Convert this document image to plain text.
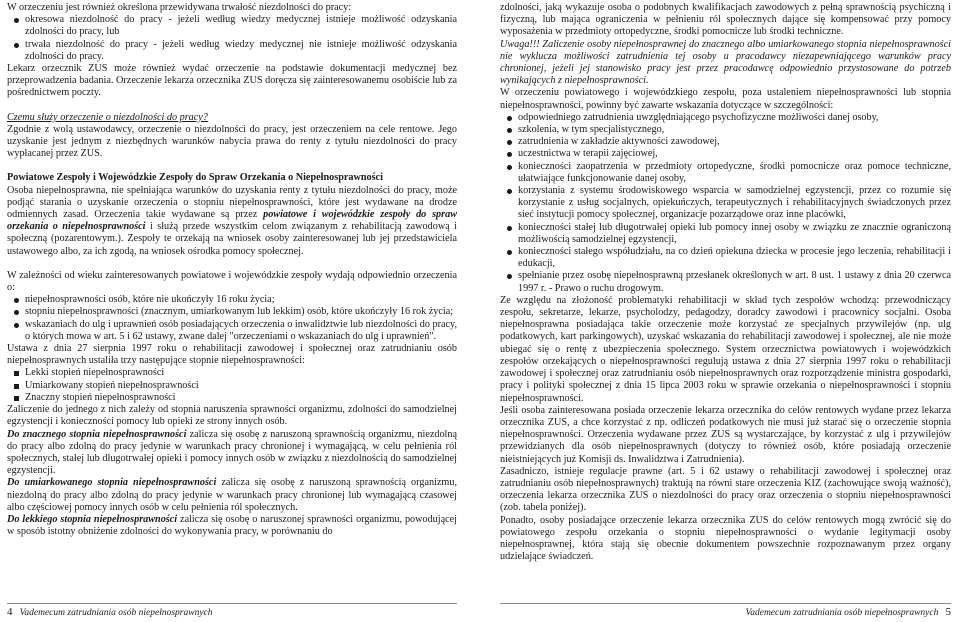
W orzeczeniu jest również określona przewidywana trwałość niezdolności do pracy:

okresowa niezdolność do pracy - jeżeli według wiedzy medycznej istnieje możliwość odzyskania zdolności do pracy, lub
trwała niezdolność do pracy - jeżeli według wiedzy medycznej nie istnieje możliwość odzyskania zdolności do pracy.

Lekarz orzecznik ZUS może również wydać orzeczenie na podstawie dokumentacji medycznej bez przeprowadzenia badania. Orzeczenie lekarza orzecznika ZUS doręcza się zainteresowanemu osobiście lub za pośrednictwem poczty.

Czemu służy orzeczenie o niezdolności do pracy?

Zgodnie z wolą ustawodawcy, orzeczenie o niezdolności do pracy, jest orzeczeniem na cele rentowe. Jego uzyskanie jest jednym z niezbędnych warunków nabycia prawa do renty z tytułu niezdolności do pracy wypłacanej przez ZUS.

Powiatowe Zespoły i Wojewódzkie Zespoły do Spraw Orzekania o Niepełnosprawności

Osoba niepełnosprawna, nie spełniająca warunków do uzyskania renty z tytułu niezdolności do pracy, może podjąć starania o uzyskanie orzeczenia o stopniu niepełnosprawności, które jest wydawane na drodze odmiennych zasad. Orzeczenia takie wydawane są przez powiatowe i wojewódzkie zespoły do spraw orzekania o niepełnosprawności i służą przede wszystkim celom związanym z rehabilitacją zawodową i społeczną (pozarentowym.). Zespoły te orzekają na wniosek osoby zainteresowanej lub jej przedstawiciela ustawowego albo, za ich zgodą, na wniosek ośrodka pomocy społecznej.

W zależności od wieku zainteresowanych powiatowe i wojewódzkie zespoły wydają odpowiednio orzeczenia o:

niepełnosprawności osób, które nie ukończyły 16 roku życia;
stopniu niepełnosprawności (znacznym, umiarkowanym lub lekkim) osób, które ukończyły 16 rok życia;
wskazaniach do ulg i uprawnień osób posiadających orzeczenia o inwalidztwie lub niezdolności do pracy, o których mowa w art. 5 i 62 ustawy, zwane dalej "orzeczeniami o wskazaniach do ulg i uprawnień".

Ustawa z dnia 27 sierpnia 1997 roku o rehabilitacji zawodowej i społecznej oraz zatrudnianiu osób niepełnosprawnych ustaliła trzy następujące stopnie niepełnosprawności:

Lekki stopień niepełnosprawności
Umiarkowany stopień niepełnosprawności
Znaczny stopień niepełnosprawności

Zaliczenie do jednego z nich zależy od stopnia naruszenia sprawności organizmu, zdolności do samodzielnej egzystencji i konieczności pomocy lub opieki ze strony innych osób.

Do znacznego stopnia niepełnosprawności zalicza się osobę z naruszoną sprawnością organizmu, niezdolną do pracy albo zdolną do pracy jedynie w warunkach pracy chronionej i wymagającą, w celu pełnienia ról społecznych, stałej lub długotrwałej opieki i pomocy innych osób w związku z niezdolnością do samodzielnej egzystencji.

Do umiarkowanego stopnia niepełnosprawności zalicza się osobę z naruszoną sprawnością organizmu, niezdolną do pracy albo zdolną do pracy jedynie w warunkach pracy chronionej lub wymagającą czasowej albo częściowej pomocy innych osób w celu pełnienia ról społecznych.

Do lekkiego stopnia niepełnosprawności zalicza się osobę o naruszonej sprawności organizmu, powodującej w sposób istotny obniżenie zdolności do wykonywania pracy, w porównaniu do

zdolności, jaką wykazuje osoba o podobnych kwalifikacjach zawodowych z pełną sprawnością psychiczną i fizyczną, lub mająca ograniczenia w pełnieniu ról społecznych dające się kompensować przy pomocy wyposażenia w przedmioty ortopedyczne, środki pomocnicze lub środki techniczne.

Uwaga!!! Zaliczenie osoby niepełnosprawnej do znacznego albo umiarkowanego stopnia niepełnosprawności nie wyklucza możliwości zatrudnienia tej osoby u pracodawcy niezapewniającego warunków pracy chronionej, jeżeli jej stanowisko pracy jest przez pracodawcę odpowiednio przystosowane do potrzeb wynikających z niepełnosprawności.

W orzeczeniu powiatowego i wojewódzkiego zespołu, poza ustaleniem niepełnosprawności lub stopnia niepełnosprawności, powinny być zawarte wskazania dotyczące w szczególności:

odpowiedniego zatrudnienia uwzględniającego psychofizyczne możliwości danej osoby,
szkolenia, w tym specjalistycznego,
zatrudnienia w zakładzie aktywności zawodowej,
uczestnictwa w terapii zajęciowej,
konieczności zaopatrzenia w przedmioty ortopedyczne, środki pomocnicze oraz pomoce techniczne, ułatwiające funkcjonowanie danej osoby,
korzystania z systemu środowiskowego wsparcia w samodzielnej egzystencji, przez co rozumie się korzystanie z usług socjalnych, opiekuńczych, terapeutycznych i rehabilitacyjnych świadczonych przez sieć instytucji pomocy społecznej, organizacje pozarządowe oraz inne placówki,
konieczności stałej lub długotrwałej opieki lub pomocy innej osoby w związku ze znacznie ograniczoną możliwością samodzielnej egzystencji,
konieczności stałego współudziału, na co dzień opiekuna dziecka w procesie jego leczenia, rehabilitacji i edukacji,
spełnianie przez osobę niepełnosprawną przesłanek określonych w art. 8 ust. 1 ustawy z dnia 20 czerwca 1997 r. - Prawo o ruchu drogowym.

Ze względu na złożoność problematyki rehabilitacji w skład tych zespołów wchodzą: przewodniczący zespołu, sekretarze, lekarze, psycholodzy, pedagodzy, doradcy zawodowi i pracownicy socjalni. Osoba niepełnosprawna posiadająca takie orzeczenie może korzystać ze specjalnych przywilejów (np. ulg podatkowych, kart parkingowych), uzyskać wskazania do rehabilitacji zawodowej i społecznej, ale nie może ubiegać się o rentę z ubezpieczenia społecznego. System orzecznictwa powiatowych i wojewódzkich zespołów orzekających o niepełnosprawności regulują ustawa z dnia 27 sierpnia 1997 roku o rehabilitacji zawodowej i społecznej oraz zatrudnianiu osób niepełnosprawnych oraz rozporządzenie ministra gospodarki, pracy i polityki społecznej z dnia 15 lipca 2003 roku w sprawie orzekania o niepełnosprawności i stopniu niepełnosprawności.

Jeśli osoba zainteresowana posiada orzeczenie lekarza orzecznika do celów rentowych wydane przez lekarza orzecznika ZUS, a chce korzystać z np. odliczeń podatkowych nie musi już starać się o orzeczenie stopnia niepełnosprawności. Orzeczenia wydawane przez ZUS są wystarczające, by korzystać z ulg i przywilejów przewidzianych dla osób niepełnosprawnych (dotyczy to również osób, które posiadają orzeczenie nieistniejących już Komisji ds. Inwalidztwa i Zatrudnienia).

Zasadniczo, istnieje regulacje prawne (art. 5 i 62 ustawy o rehabilitacji zawodowej i społecznej oraz zatrudnianiu osób niepełnosprawnych) traktują na równi stare orzeczenia KIZ (zachowujące swoją ważność), orzeczenia lekarza orzecznika ZUS o niezdolności do pracy oraz orzeczenia o stopniu niepełnosprawności (zob. tabela poniżej).

Ponadto, osoby posiadające orzeczenie lekarza orzecznika ZUS do celów rentowych mogą zwrócić się do powiatowego zespołu orzekania o stopniu niepełnosprawności o wydanie legitymacji osoby niepełnosprawnej, która stają się obecnie dokumentem powszechnie rozpoznawanym przez organy udzielające świadczeń.

4 Vademecum zatrudniania osób niepełnosprawnych	Vademecum zatrudniania osób niepełnosprawnych 5
